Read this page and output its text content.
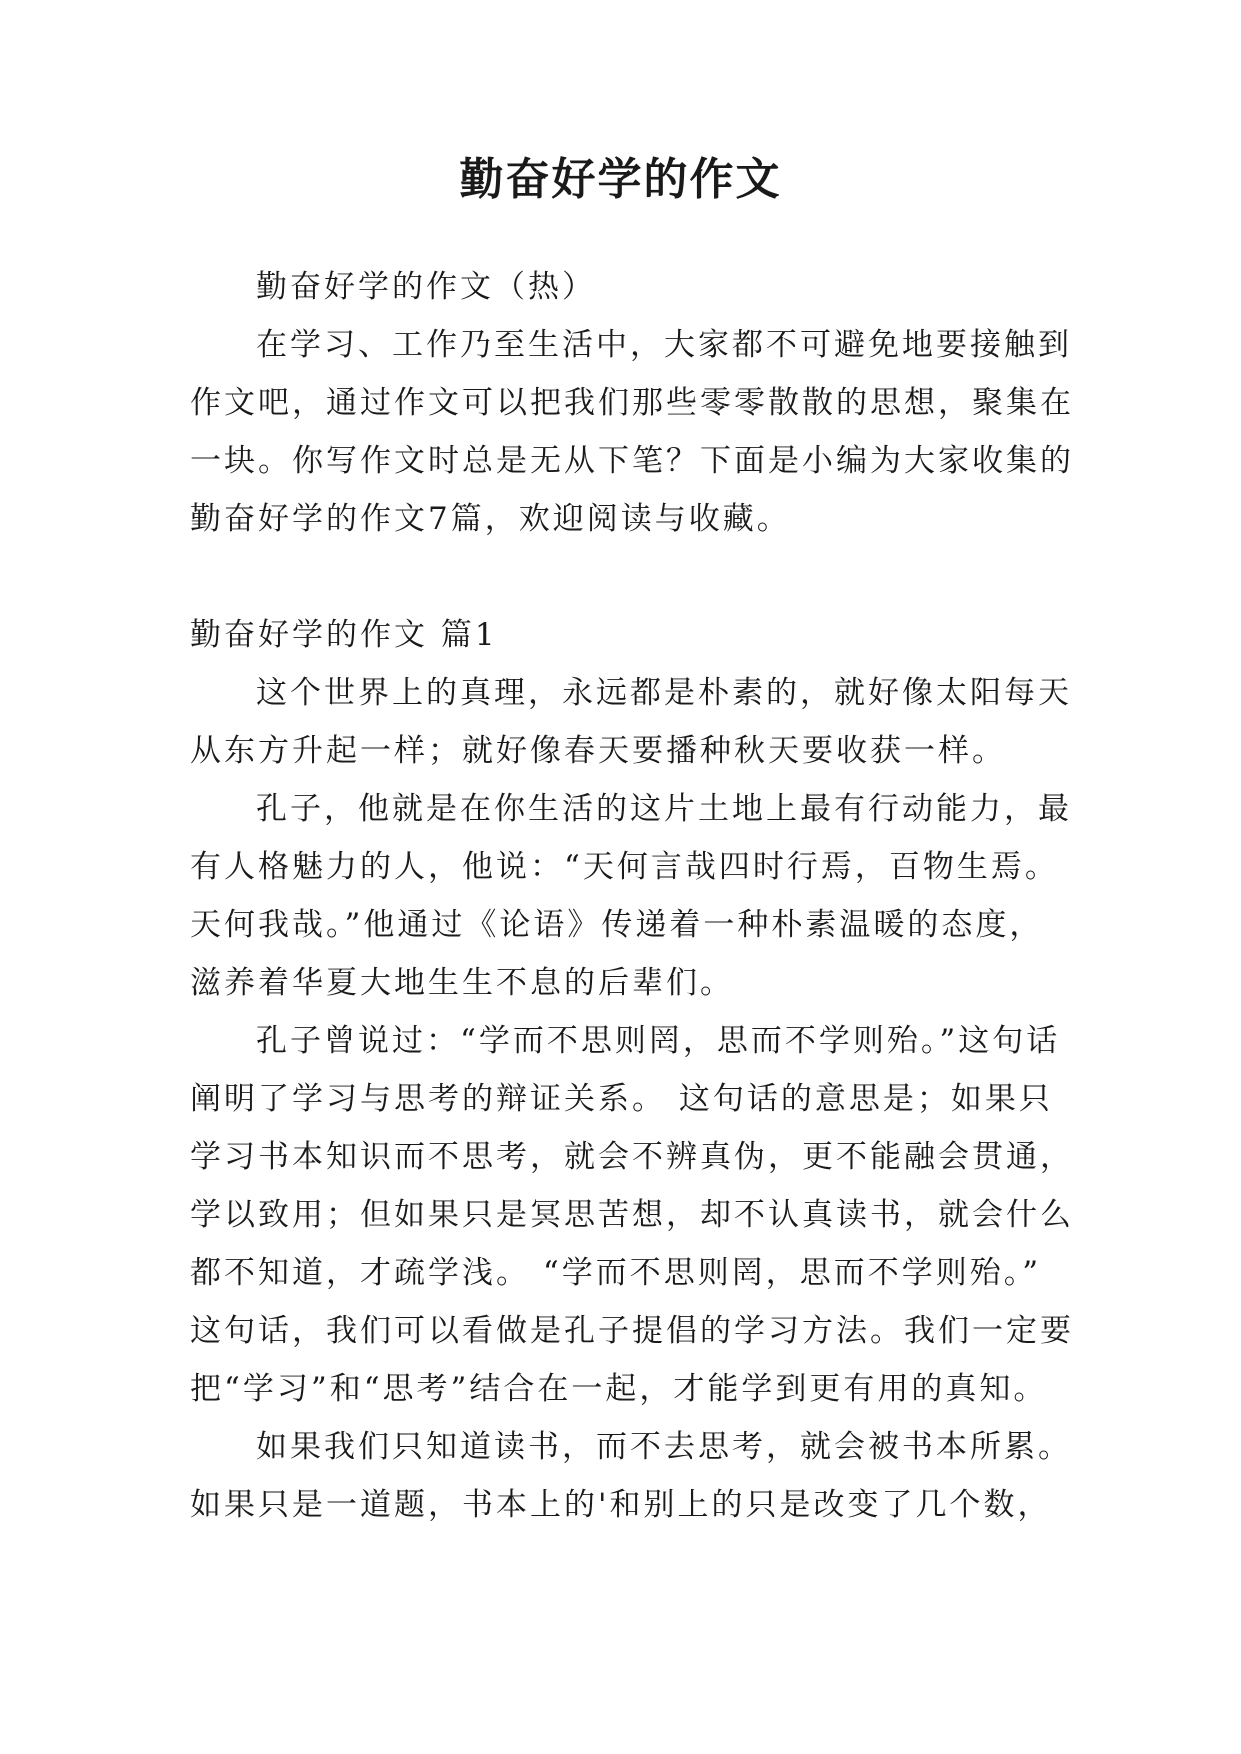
勤奋好学的作文

勤奋好学的作文（热）

在学习、工作乃至生活中，大家都不可避免地要接触到

作文吧，通过作文可以把我们那些零零散散的思想，聚集在

一块。你写作文时总是无从下笔？下面是小编为大家收集的

勤奋好学的作文7篇，欢迎阅读与收藏。

勤奋好学的作文 篇1

这个世界上的真理，永远都是朴素的，就好像太阳每天

从东方升起一样；就好像春天要播种秋天要收获一样。

孔子，他就是在你生活的这片土地上最有行动能力，最

有人格魅力的人，他说：“天何言哉四时行焉，百物生焉。

天何我哉。”他通过《论语》传递着一种朴素温暖的态度，

滋养着华夏大地生生不息的后辈们。

孔子曾说过：“学而不思则罔，思而不学则殆。”这句话

阐明了学习与思考的辩证关系。 这句话的意思是；如果只

学习书本知识而不思考，就会不辨真伪，更不能融会贯通，

学以致用；但如果只是冥思苦想，却不认真读书，就会什么

都不知道，才疏学浅。 “学而不思则罔，思而不学则殆。”

这句话，我们可以看做是孔子提倡的学习方法。我们一定要

把“学习”和“思考”结合在一起，才能学到更有用的真知。

如果我们只知道读书，而不去思考，就会被书本所累。

如果只是一道题，书本上的'和别上的只是改变了几个数，
